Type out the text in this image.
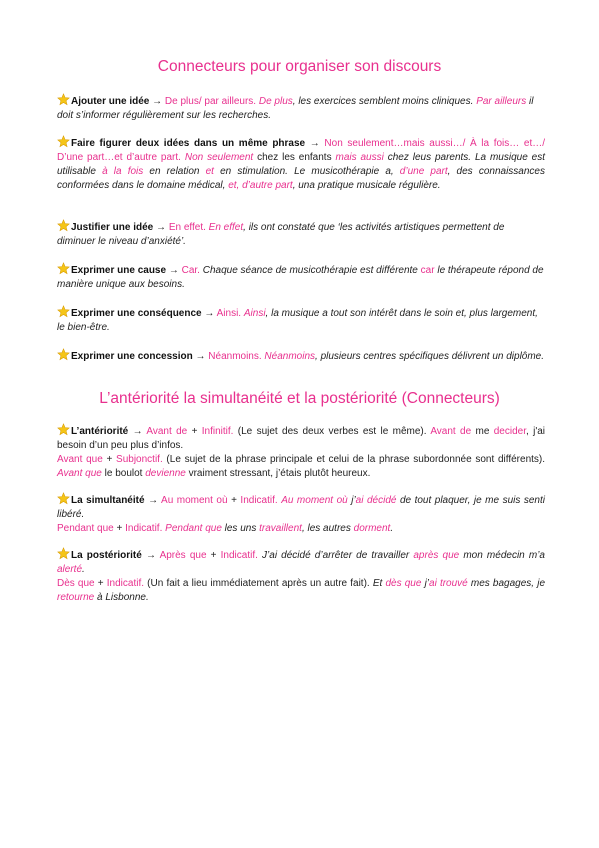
Connecteurs pour organiser son discours
Ajouter une idée → De plus/ par ailleurs. De plus, les exercices semblent moins cliniques. Par ailleurs il doit s’informer régulièrement sur les recherches.
Faire figurer deux idées dans un même phrase → Non seulement…mais aussi…/ À la fois… et…/ D’une part…et d’autre part. Non seulement chez les enfants mais aussi chez leus parents. La musique est utilisable à la fois en relation et en stimulation. Le musicothérapie a, d’une part, des connaissances conformées dans le domaine médical, et, d’autre part, una pratique musicale régulière.
Justifier une idée → En effet. En effet, ils ont constaté que ‘les activités artistiques permettent de diminuer le niveau d’anxiété’.
Exprimer une cause → Car. Chaque séance de musicothérapie est différente car le thérapeute répond de manière unique aux besoins.
Exprimer une conséquence → Ainsi. Ainsi, la musique a tout son intérêt dans le soin et, plus largement, le bien-être.
Exprimer une concession → Néanmoins. Néanmoins, plusieurs centres spécifiques délivrent un diplôme.
L’antériorité la simultanéité et la postériorité (Connecteurs)
L’antériorité → Avant de + Infinitif. (Le sujet des deux verbes est le même). Avant de me decider, j'ai besoin d’un peu plus d’infos.
Avant que + Subjonctif. (Le sujet de la phrase principale et celui de la phrase subordonnée sont différents). Avant que le boulot devienne vraiment stressant, j’étais plutôt heureux.
La simultanéité → Au moment où + Indicatif. Au moment où j’ai décidé de tout plaquer, je me suis senti libéré.
Pendant que + Indicatif. Pendant que les uns travaillent, les autres dorment.
La postériorité → Après que + Indicatif. J’ai décidé d’arrêter de travailler après que mon médecin m’a alerté.
Dès que + Indicatif. (Un fait a lieu immédiatement après un autre fait). Et dès que j’ai trouvé mes bagages, je retourne à Lisbonne.
